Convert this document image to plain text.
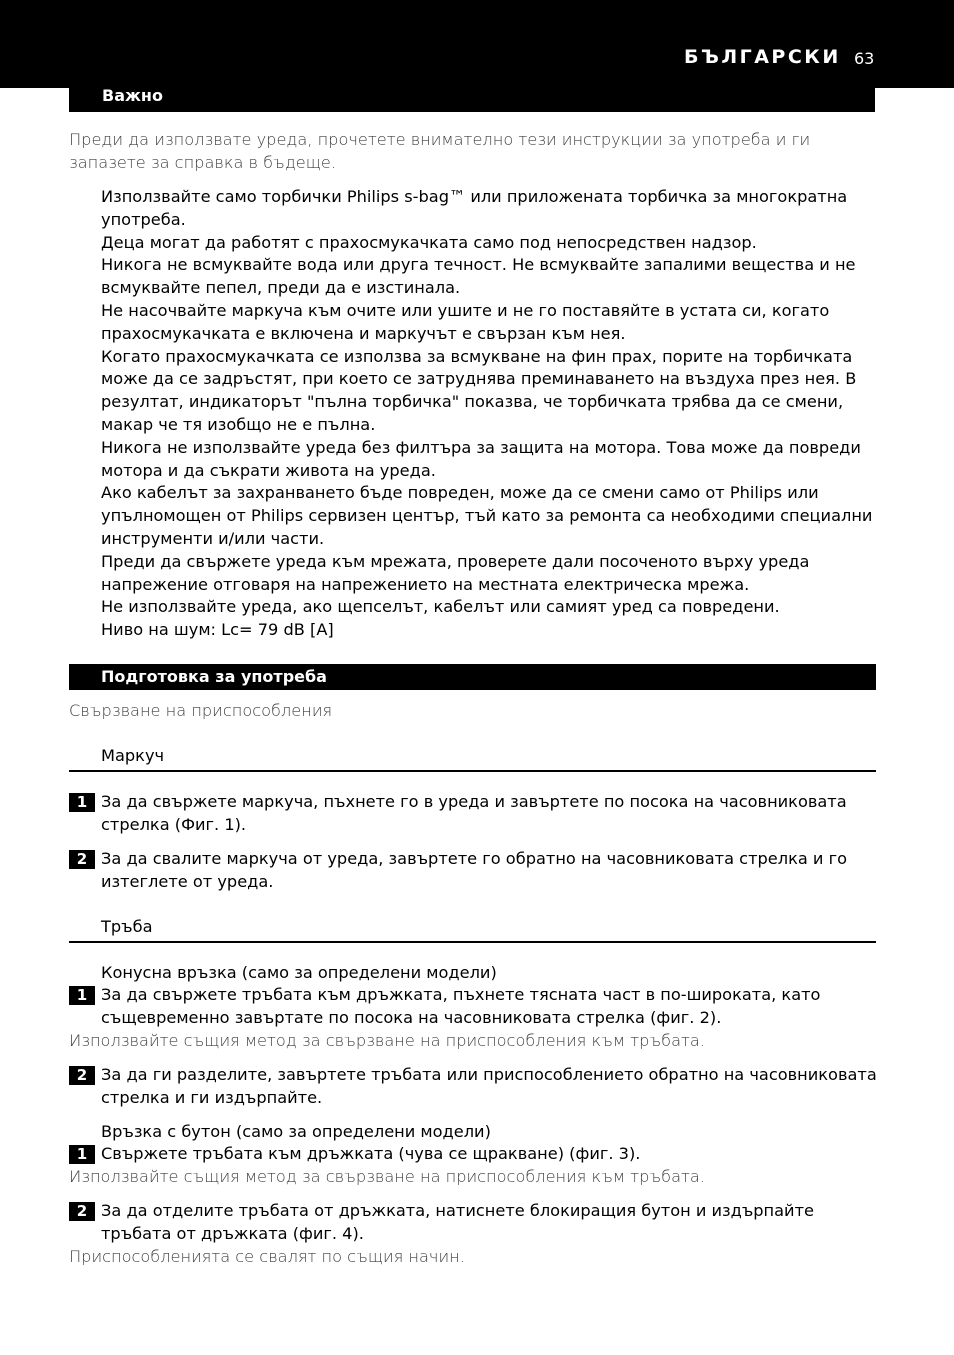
БЪЛГАРСКИ 63
Важно
Преди да използвате уреда, прочетете внимателно тези инструкции за употреба и ги запазете за справка в бъдеще.
Използвайте само торбички Philips s-bag™ или приложената торбичка за многократна употреба.
Деца могат да работят с прахосмукачката само под непосредствен надзор.
Никога не всмуквайте вода или друга течност. Не всмуквайте запалими вещества и не всмуквайте пепел, преди да е изстинала.
Не насочвайте маркуча към очите или ушите и не го поставяйте в устата си, когато прахосмукачката е включена и маркучът е свързан към нея.
Когато прахосмукачката се използва за всмукване на фин прах, порите на торбичката може да се задръстят, при което се затруднява преминаването на въздуха през нея. В резултат, индикаторът "пълна торбичка" показва, че торбичката трябва да се смени, макар че тя изобщо не е пълна.
Никога не използвайте уреда без филтъра за защита на мотора. Това може да повреди мотора и да съкрати живота на уреда.
Ако кабелът за захранването бъде повреден, може да се смени само от Philips или упълномощен от Philips сервизен център, тъй като за ремонта са необходими специални инструменти и/или части.
Преди да свържете уреда към мрежата, проверете дали посоченото върху уреда напрежение отговаря на напрежението на местната електрическа мрежа.
Не използвайте уреда, ако щепселът, кабелът или самият уред са повредени.
Ниво на шум: Lc= 79 dB [A]
Подготовка за употреба
Свързване на приспособления
Маркуч
1 За да свържете маркуча, пъхнете го в уреда и завъртете по посока на часовниковата стрелка (Фиг. 1).
2 За да свалите маркуча от уреда, завъртете го обратно на часовниковата стрелка и го изтеглете от уреда.
Тръба
Конусна връзка (само за определени модели)
1 За да свържете тръбата към дръжката, пъхнете тясната част в по-широката, като същевременно завъртате по посока на часовниковата стрелка (фиг. 2).
Използвайте същия метод за свързване на приспособления към тръбата.
2 За да ги разделите, завъртете тръбата или приспособлението обратно на часовниковата стрелка и ги издърпайте.
Връзка с бутон (само за определени модели)
1 Свържете тръбата към дръжката (чува се щракване) (фиг. 3).
Използвайте същия метод за свързване на приспособления към тръбата.
2 За да отделите тръбата от дръжката, натиснете блокиращия бутон и издърпайте тръбата от дръжката (фиг. 4).
Приспособленията се свалят по същия начин.
